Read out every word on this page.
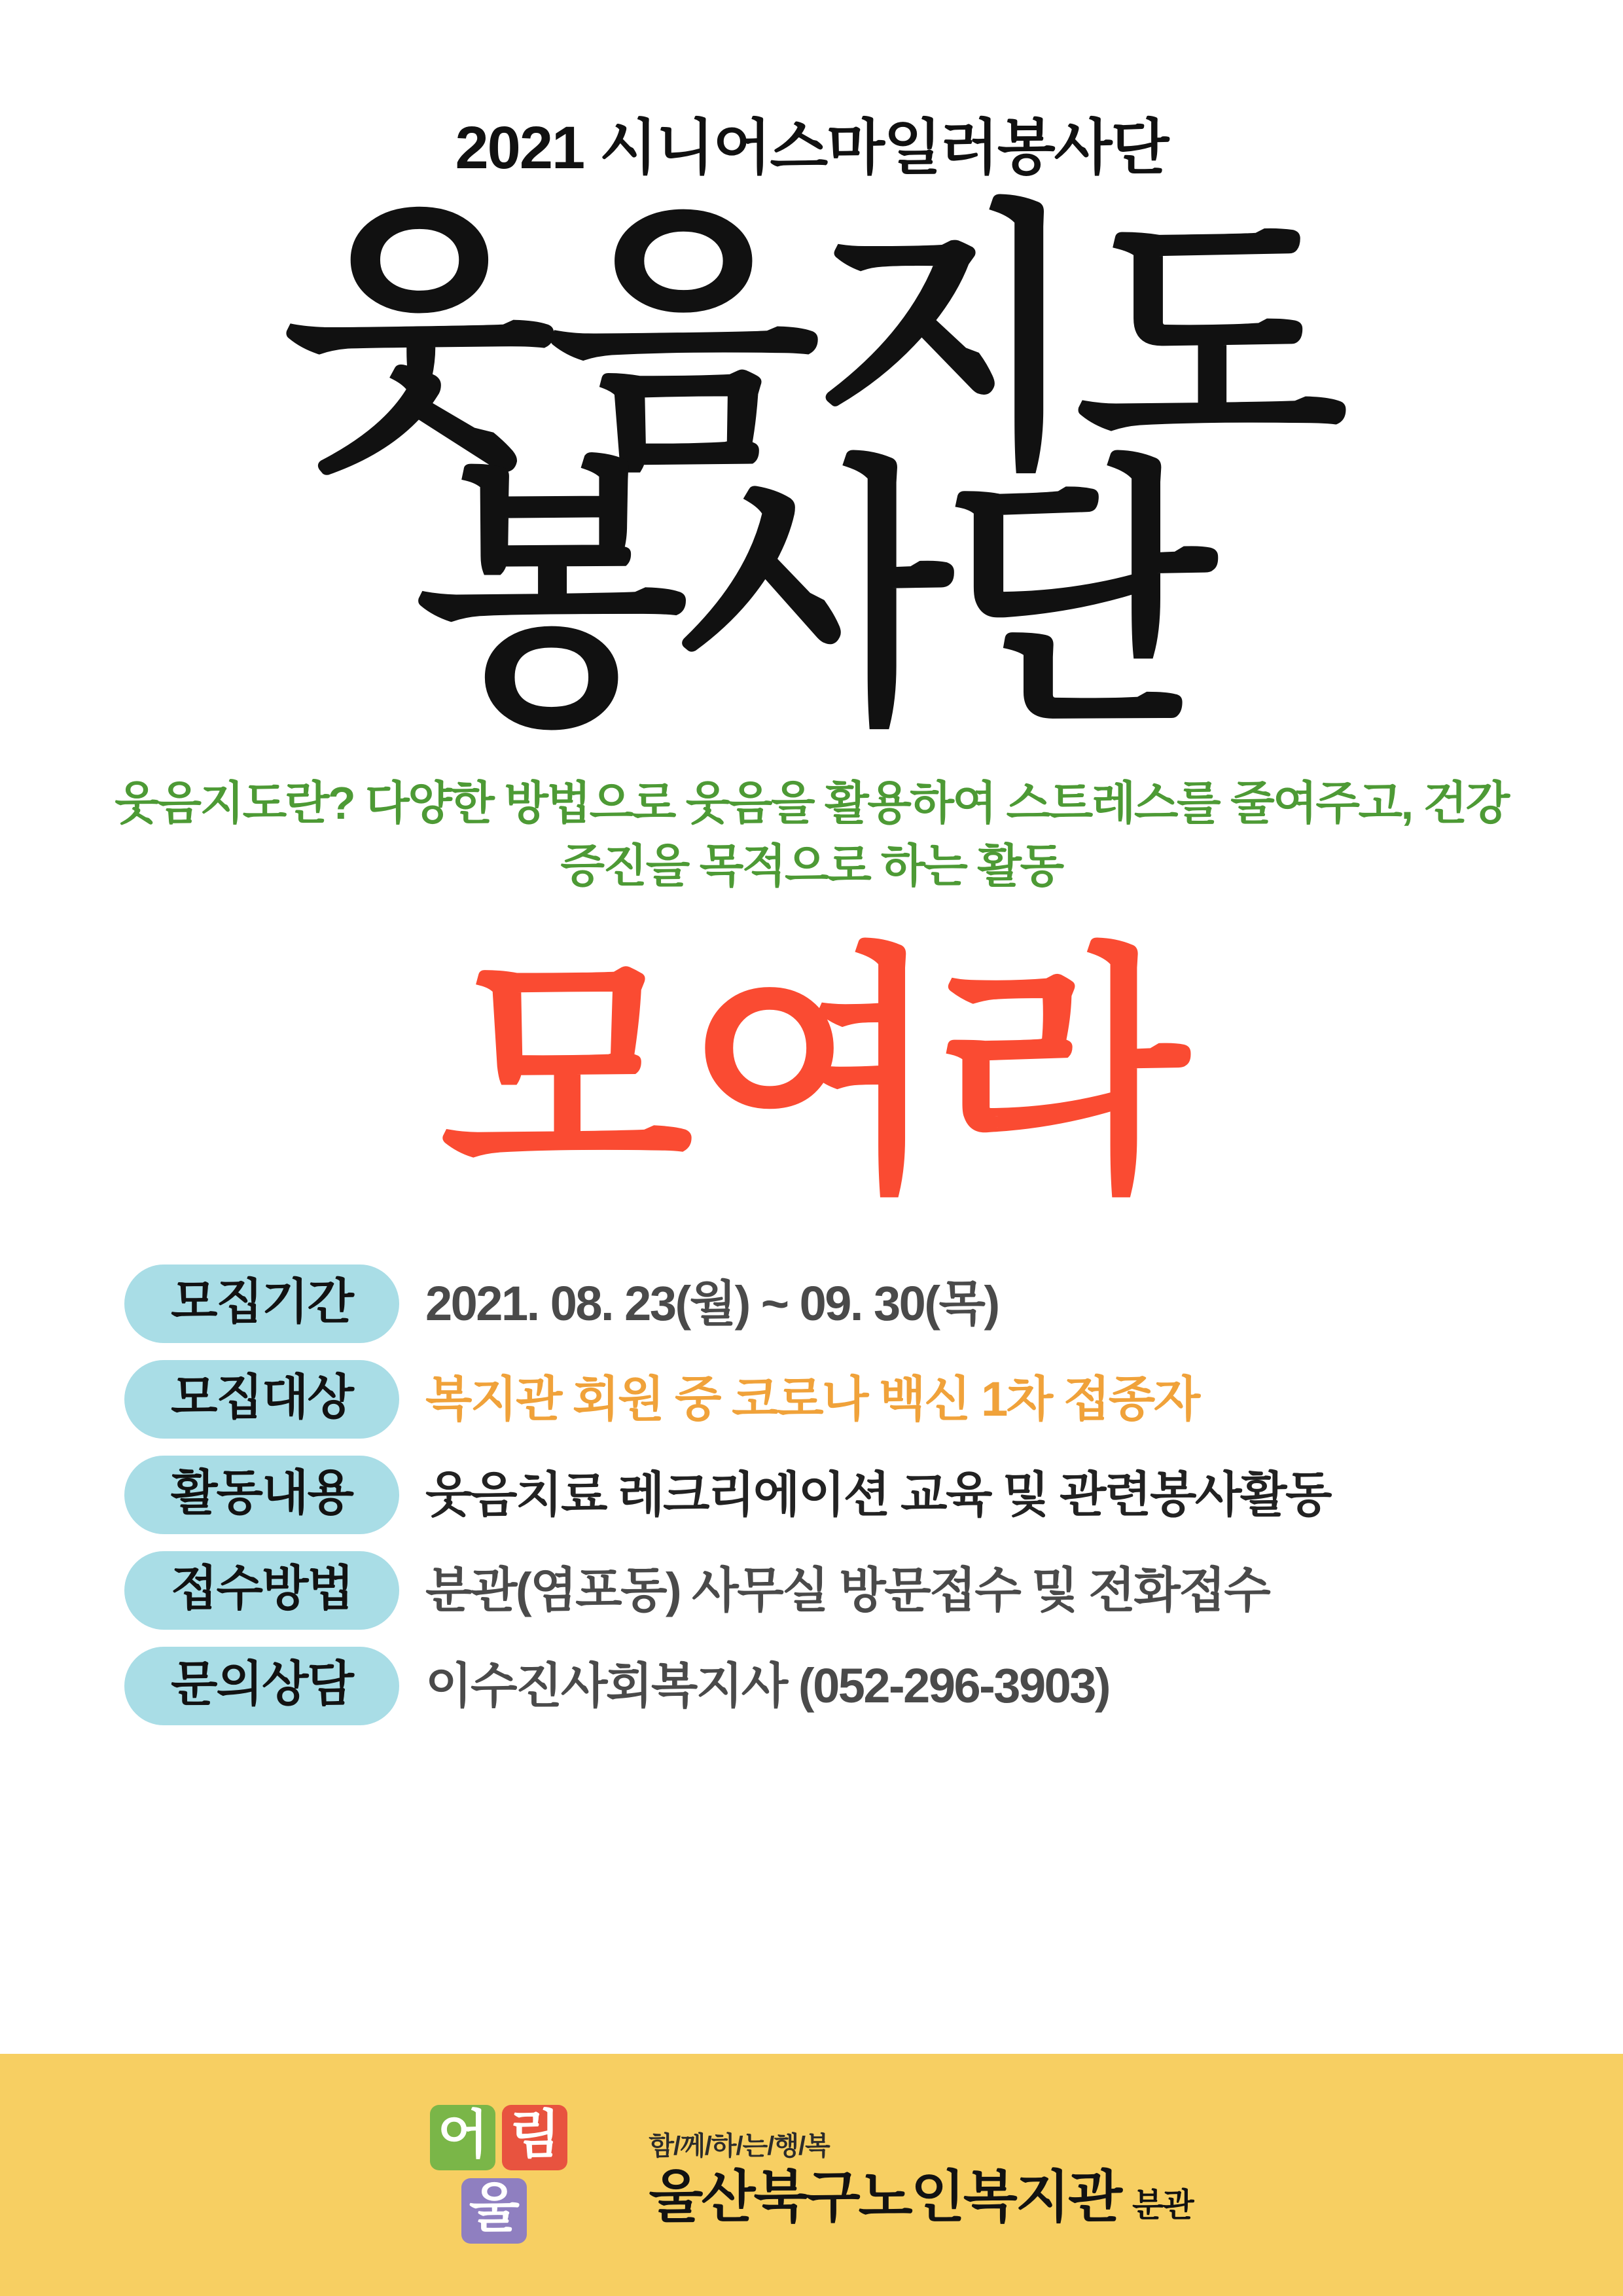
2021 시니어스마일러봉사단
웃음지도
봉사단
웃음지도란? 다양한 방법으로 웃음을 활용하여 스트레스를 줄여주고, 건강증진을 목적으로 하는 활동
모여라
모집기간	2021. 08. 23(월) ~ 09. 30(목)
모집대상	복지관 회원 중 코로나 백신 1차 접종자
활동내용	웃음치료 레크리에이션 교육 및 관련봉사활동
접수방법	분관(염포동) 사무실 방문접수 및 전화접수
문의상담	이수진사회복지사 (052-296-3903)
어 림
울
함/께/하/는/행/복
울산북구노인복지관 분관
